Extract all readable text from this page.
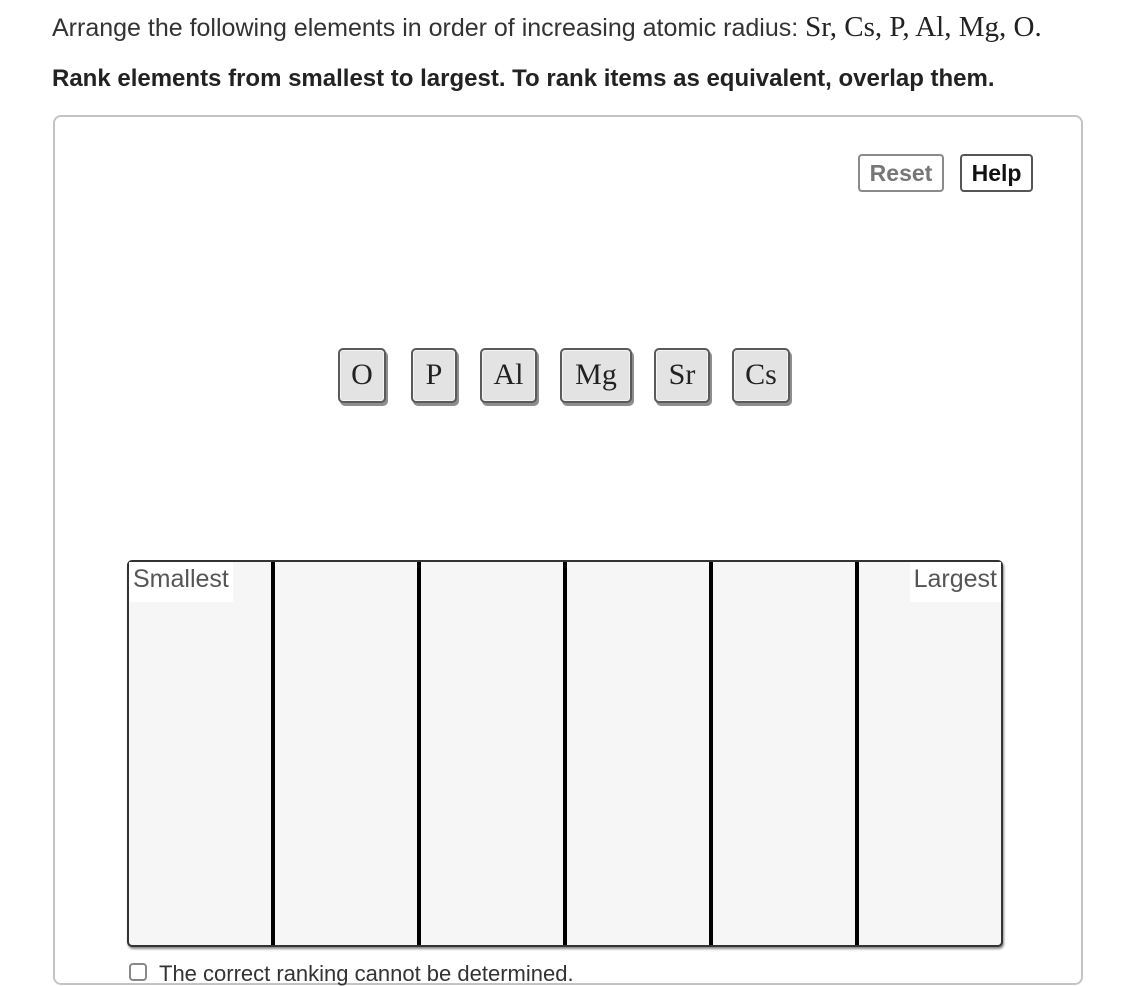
Arrange the following elements in order of increasing atomic radius: Sr, Cs, P, Al, Mg, O.
Rank elements from smallest to largest. To rank items as equivalent, overlap them.
Reset	Help
O	P	Al	Mg	Sr	Cs
Smallest	Largest
The correct ranking cannot be determined.
